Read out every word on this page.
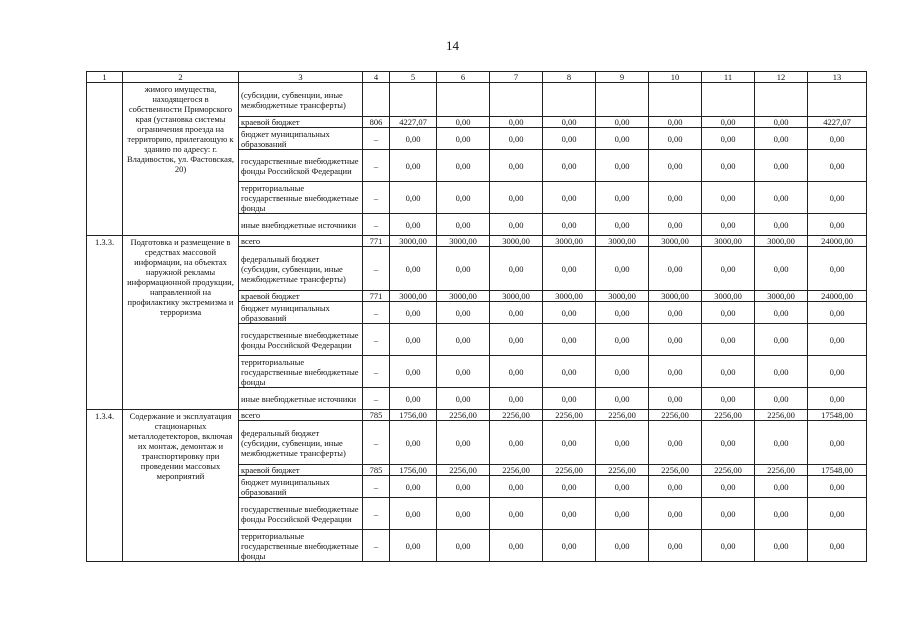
14
1	2	3	4	5	6	7	8	9	10	11	12	13
	жимого имущества, находящегося в собственности Приморского края (установка системы ограничения проезда на территорию, прилегающую к зданию по адресу: г. Владивосток, ул. Фастовская, 20)	(субсидии, субвенции, иные межбюджетные трансферты)										
		краевой бюджет	806	4227,07	0,00	0,00	0,00	0,00	0,00	0,00	0,00	4227,07
		бюджет муниципальных образований	–	0,00	0,00	0,00	0,00	0,00	0,00	0,00	0,00	0,00
		государственные внебюджетные фонды Российской Федерации	–	0,00	0,00	0,00	0,00	0,00	0,00	0,00	0,00	0,00
		территориальные государственные внебюджетные фонды	–	0,00	0,00	0,00	0,00	0,00	0,00	0,00	0,00	0,00
		иные внебюджетные источники	–	0,00	0,00	0,00	0,00	0,00	0,00	0,00	0,00	0,00
1.3.3.	Подготовка и размещение в средствах массовой информации, на объектах наружной рекламы информационной продукции, направленной на профилактику экстремизма и терроризма	всего	771	3000,00	3000,00	3000,00	3000,00	3000,00	3000,00	3000,00	3000,00	24000,00
		федеральный бюджет (субсидии, субвенции, иные межбюджетные трансферты)	–	0,00	0,00	0,00	0,00	0,00	0,00	0,00	0,00	0,00
		краевой бюджет	771	3000,00	3000,00	3000,00	3000,00	3000,00	3000,00	3000,00	3000,00	24000,00
		бюджет муниципальных образований	–	0,00	0,00	0,00	0,00	0,00	0,00	0,00	0,00	0,00
		государственные внебюджетные фонды Российской Федерации	–	0,00	0,00	0,00	0,00	0,00	0,00	0,00	0,00	0,00
		территориальные государственные внебюджетные фонды	–	0,00	0,00	0,00	0,00	0,00	0,00	0,00	0,00	0,00
		иные внебюджетные источники	–	0,00	0,00	0,00	0,00	0,00	0,00	0,00	0,00	0,00
1.3.4.	Содержание и эксплуатация стационарных металлодетекторов, включая их монтаж, демонтаж и транспортировку при проведении массовых мероприятий	всего	785	1756,00	2256,00	2256,00	2256,00	2256,00	2256,00	2256,00	2256,00	17548,00
		федеральный бюджет (субсидии, субвенции, иные межбюджетные трансферты)	–	0,00	0,00	0,00	0,00	0,00	0,00	0,00	0,00	0,00
		краевой бюджет	785	1756,00	2256,00	2256,00	2256,00	2256,00	2256,00	2256,00	2256,00	17548,00
		бюджет муниципальных образований	–	0,00	0,00	0,00	0,00	0,00	0,00	0,00	0,00	0,00
		государственные внебюджетные фонды Российской Федерации	–	0,00	0,00	0,00	0,00	0,00	0,00	0,00	0,00	0,00
		территориальные государственные внебюджетные фонды	–	0,00	0,00	0,00	0,00	0,00	0,00	0,00	0,00	0,00
